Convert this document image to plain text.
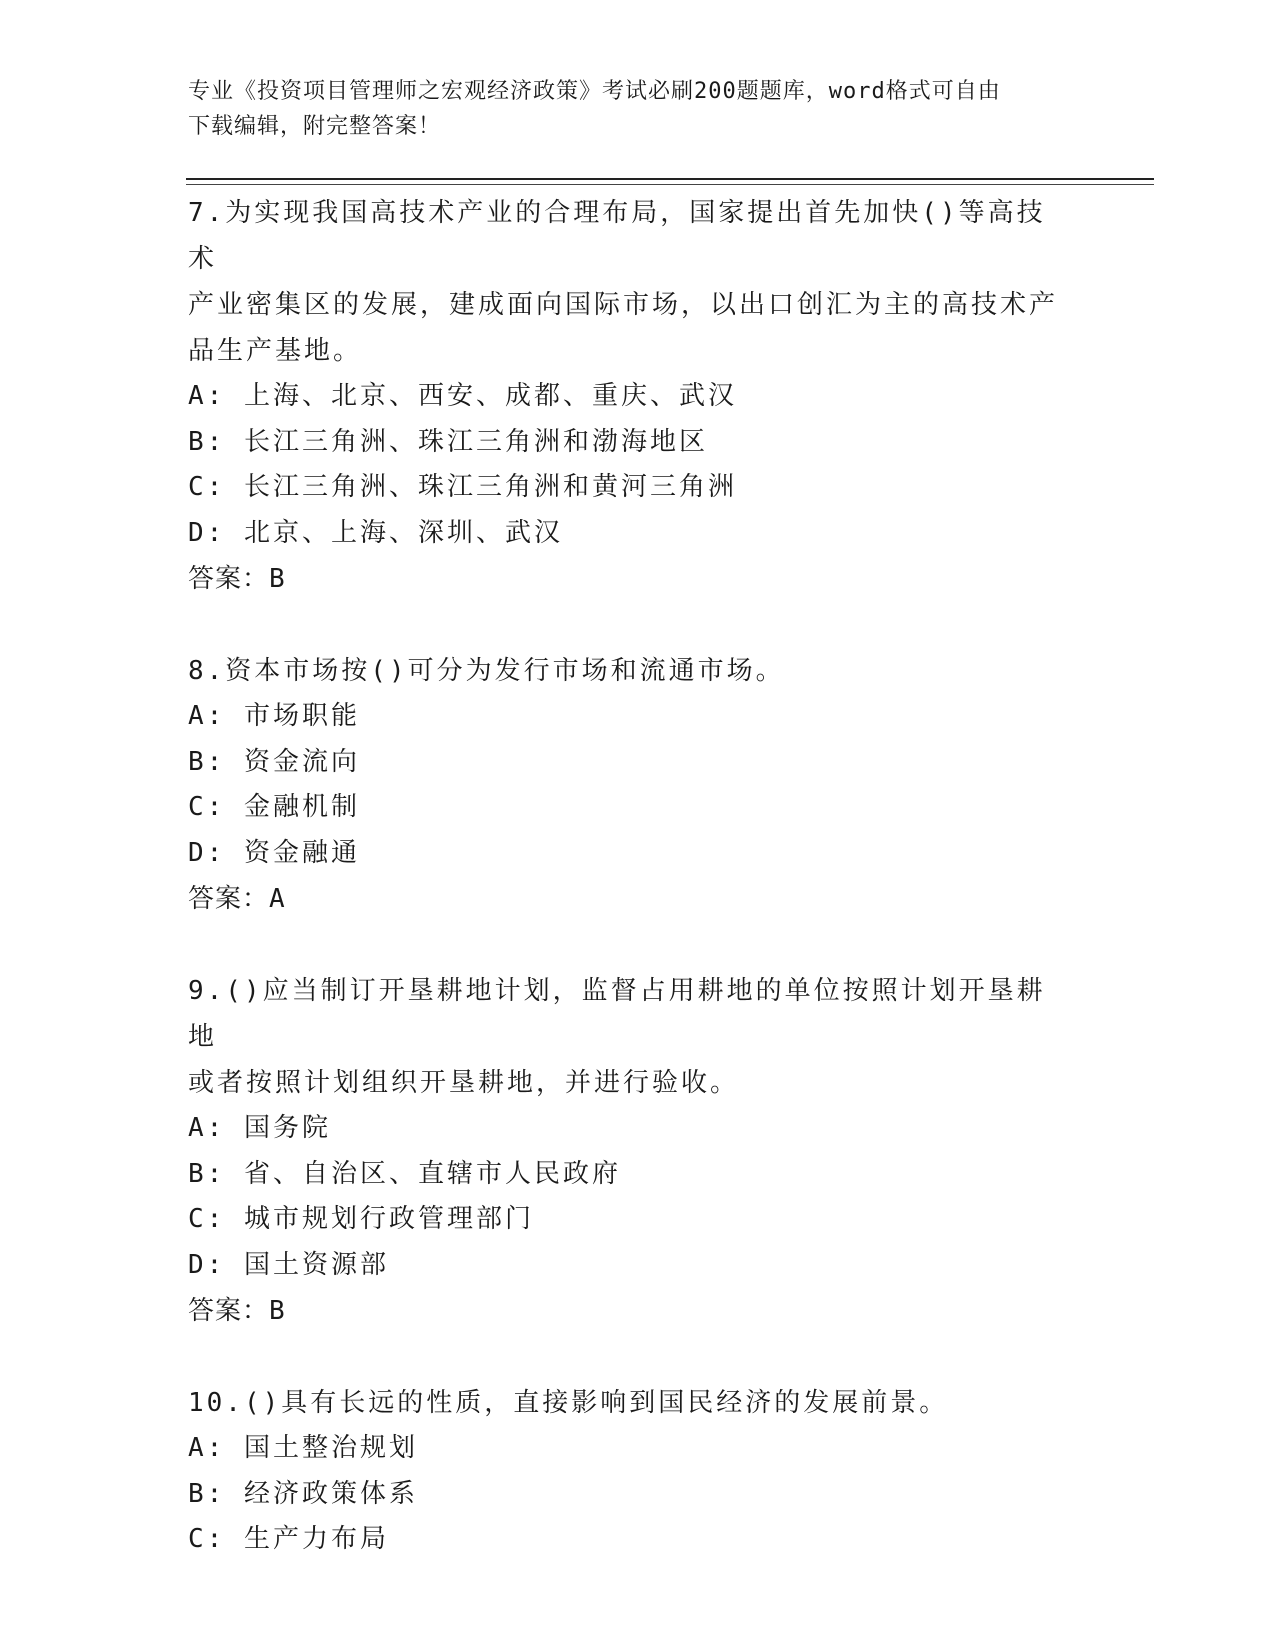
专业《投资项目管理师之宏观经济政策》考试必刷200题题库，word格式可自由
下载编辑，附完整答案！

7.为实现我国高技术产业的合理布局，国家提出首先加快()等高技术

产业密集区的发展，建成面向国际市场，以出口创汇为主的高技术产

品生产基地。

A: 上海、北京、西安、成都、重庆、武汉

B: 长江三角洲、珠江三角洲和渤海地区

C: 长江三角洲、珠江三角洲和黄河三角洲

D: 北京、上海、深圳、武汉

答案：B

8.资本市场按()可分为发行市场和流通市场。

A: 市场职能

B: 资金流向

C: 金融机制

D: 资金融通

答案：A

9.()应当制订开垦耕地计划，监督占用耕地的单位按照计划开垦耕地

或者按照计划组织开垦耕地，并进行验收。

A: 国务院

B: 省、自治区、直辖市人民政府

C: 城市规划行政管理部门

D: 国土资源部

答案：B

10.()具有长远的性质，直接影响到国民经济的发展前景。

A: 国土整治规划

B: 经济政策体系

C: 生产力布局
